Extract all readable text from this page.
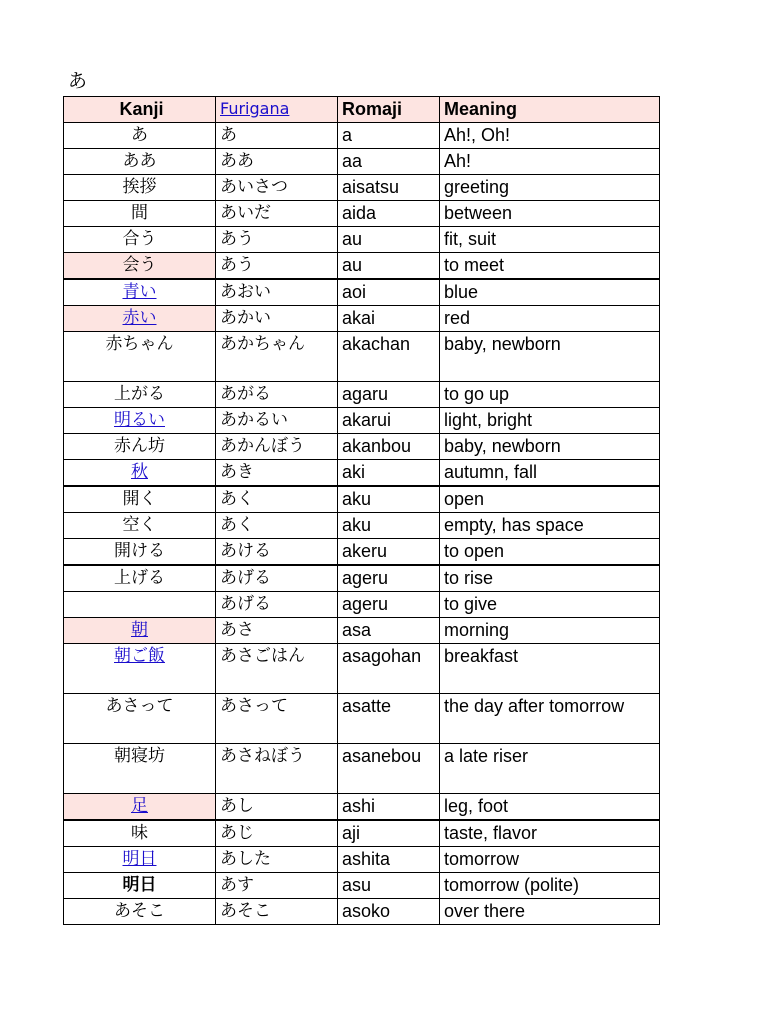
あ
Kanji	Furigana	Romaji	Meaning
あ	あ	a	Ah!, Oh!
ああ	ああ	aa	Ah!
挨拶	あいさつ	aisatsu	greeting
間	あいだ	aida	between
合う	あう	au	fit, suit
会う	あう	au	to meet
青い	あおい	aoi	blue
赤い	あかい	akai	red
赤ちゃん	あかちゃん	akachan	baby, newborn
上がる	あがる	agaru	to go up
明るい	あかるい	akarui	light, bright
赤ん坊	あかんぼう	akanbou	baby, newborn
秋	あき	aki	autumn, fall
開く	あく	aku	open
空く	あく	aku	empty, has space
開ける	あける	akeru	to open
上げる	あげる	ageru	to rise
	あげる	ageru	to give
朝	あさ	asa	morning
朝ご飯	あさごはん	asagohan	breakfast
あさって	あさって	asatte	the day after tomorrow
朝寝坊	あさねぼう	asanebou	a late riser
足	あし	ashi	leg, foot
味	あじ	aji	taste, flavor
明日	あした	ashita	tomorrow
明日	あす	asu	tomorrow (polite)
あそこ	あそこ	asoko	over there
